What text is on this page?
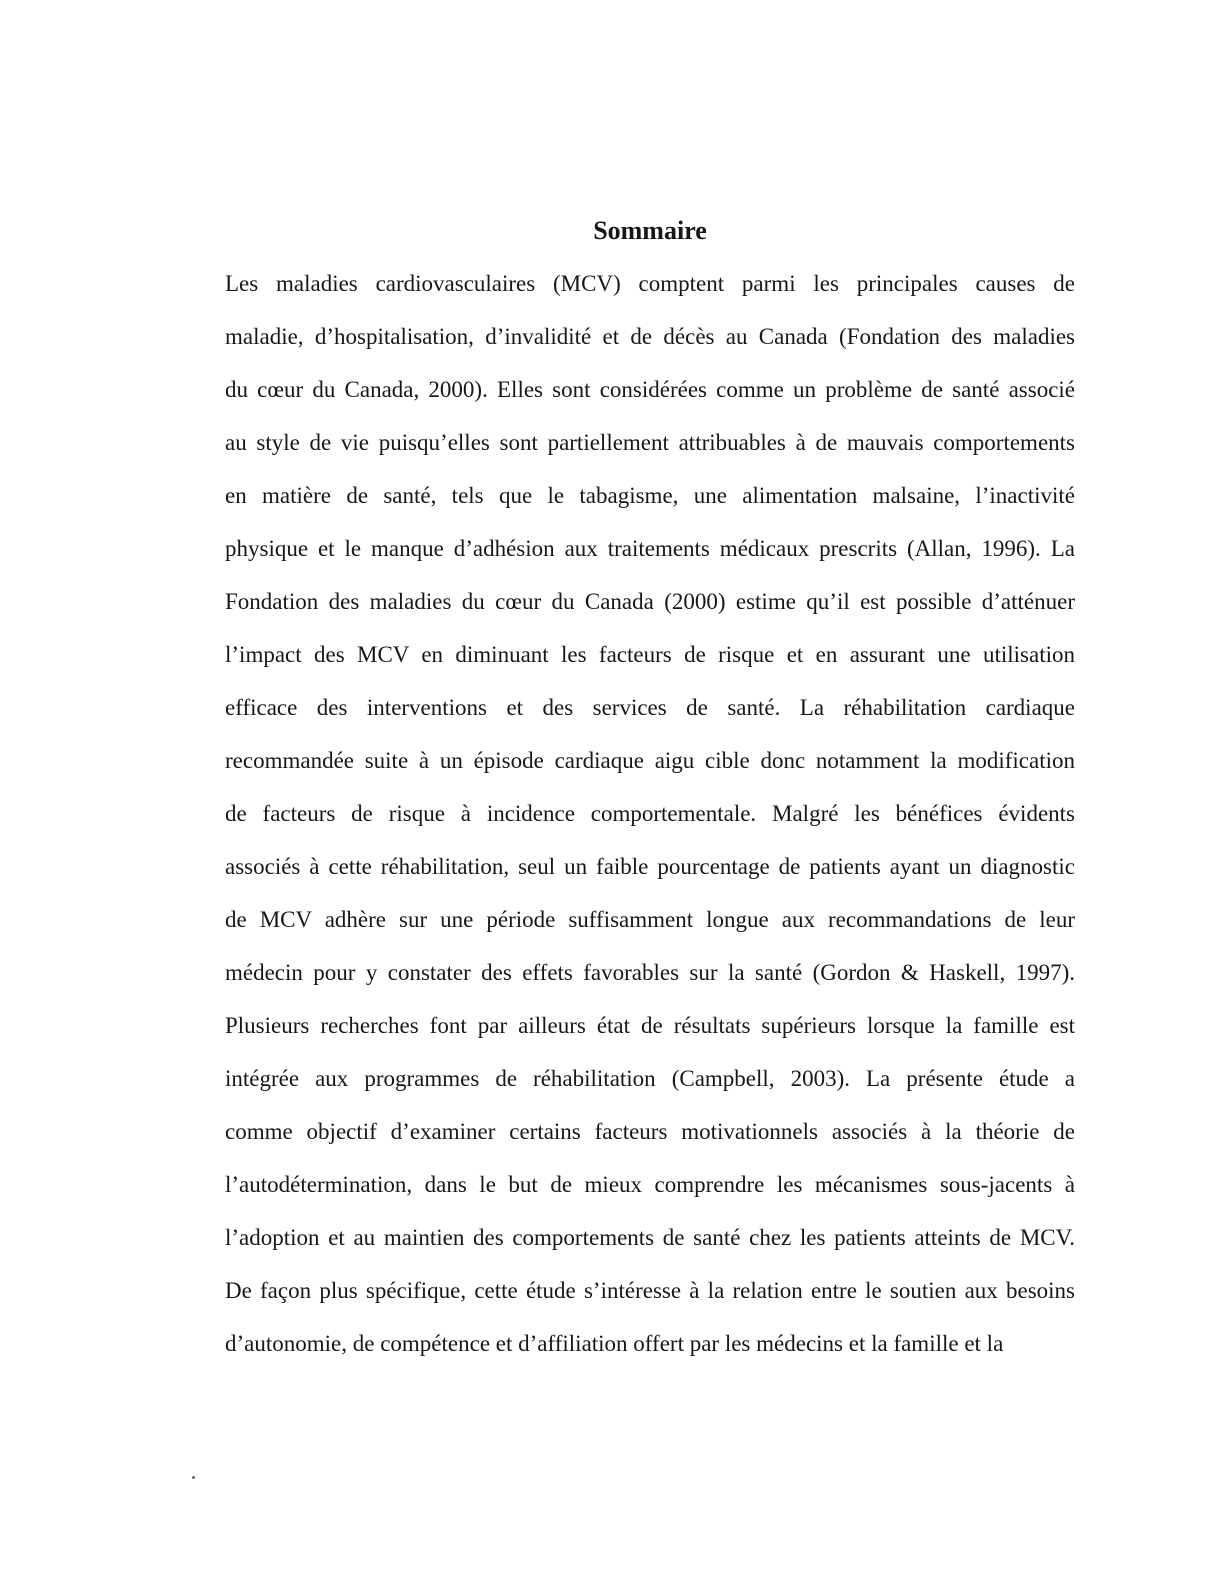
Sommaire
Les maladies cardiovasculaires (MCV) comptent parmi les principales causes de
maladie, d’hospitalisation, d’invalidité et de décès au Canada (Fondation des maladies
du cœur du Canada, 2000). Elles sont considérées comme un problème de santé associé
au style de vie puisqu’elles sont partiellement attribuables à de mauvais comportements
en matière de santé, tels que le tabagisme, une alimentation malsaine, l’inactivité
physique et le manque d’adhésion aux traitements médicaux prescrits (Allan, 1996). La
Fondation des maladies du cœur du Canada (2000) estime qu’il est possible d’atténuer
l’impact des MCV en diminuant les facteurs de risque et en assurant une utilisation
efficace des interventions et des services de santé. La réhabilitation cardiaque
recommandée suite à un épisode cardiaque aigu cible donc notamment la modification
de facteurs de risque à incidence comportementale. Malgré les bénéfices évidents
associés à cette réhabilitation, seul un faible pourcentage de patients ayant un diagnostic
de MCV adhère sur une période suffisamment longue aux recommandations de leur
médecin pour y constater des effets favorables sur la santé (Gordon & Haskell, 1997).
Plusieurs recherches font par ailleurs état de résultats supérieurs lorsque la famille est
intégrée aux programmes de réhabilitation (Campbell, 2003). La présente étude a
comme objectif d’examiner certains facteurs motivationnels associés à la théorie de
l’autodétermination, dans le but de mieux comprendre les mécanismes sous-jacents à
l’adoption et au maintien des comportements de santé chez les patients atteints de MCV.
De façon plus spécifique, cette étude s’intéresse à la relation entre le soutien aux besoins
d’autonomie, de compétence et d’affiliation offert par les médecins et la famille et la
